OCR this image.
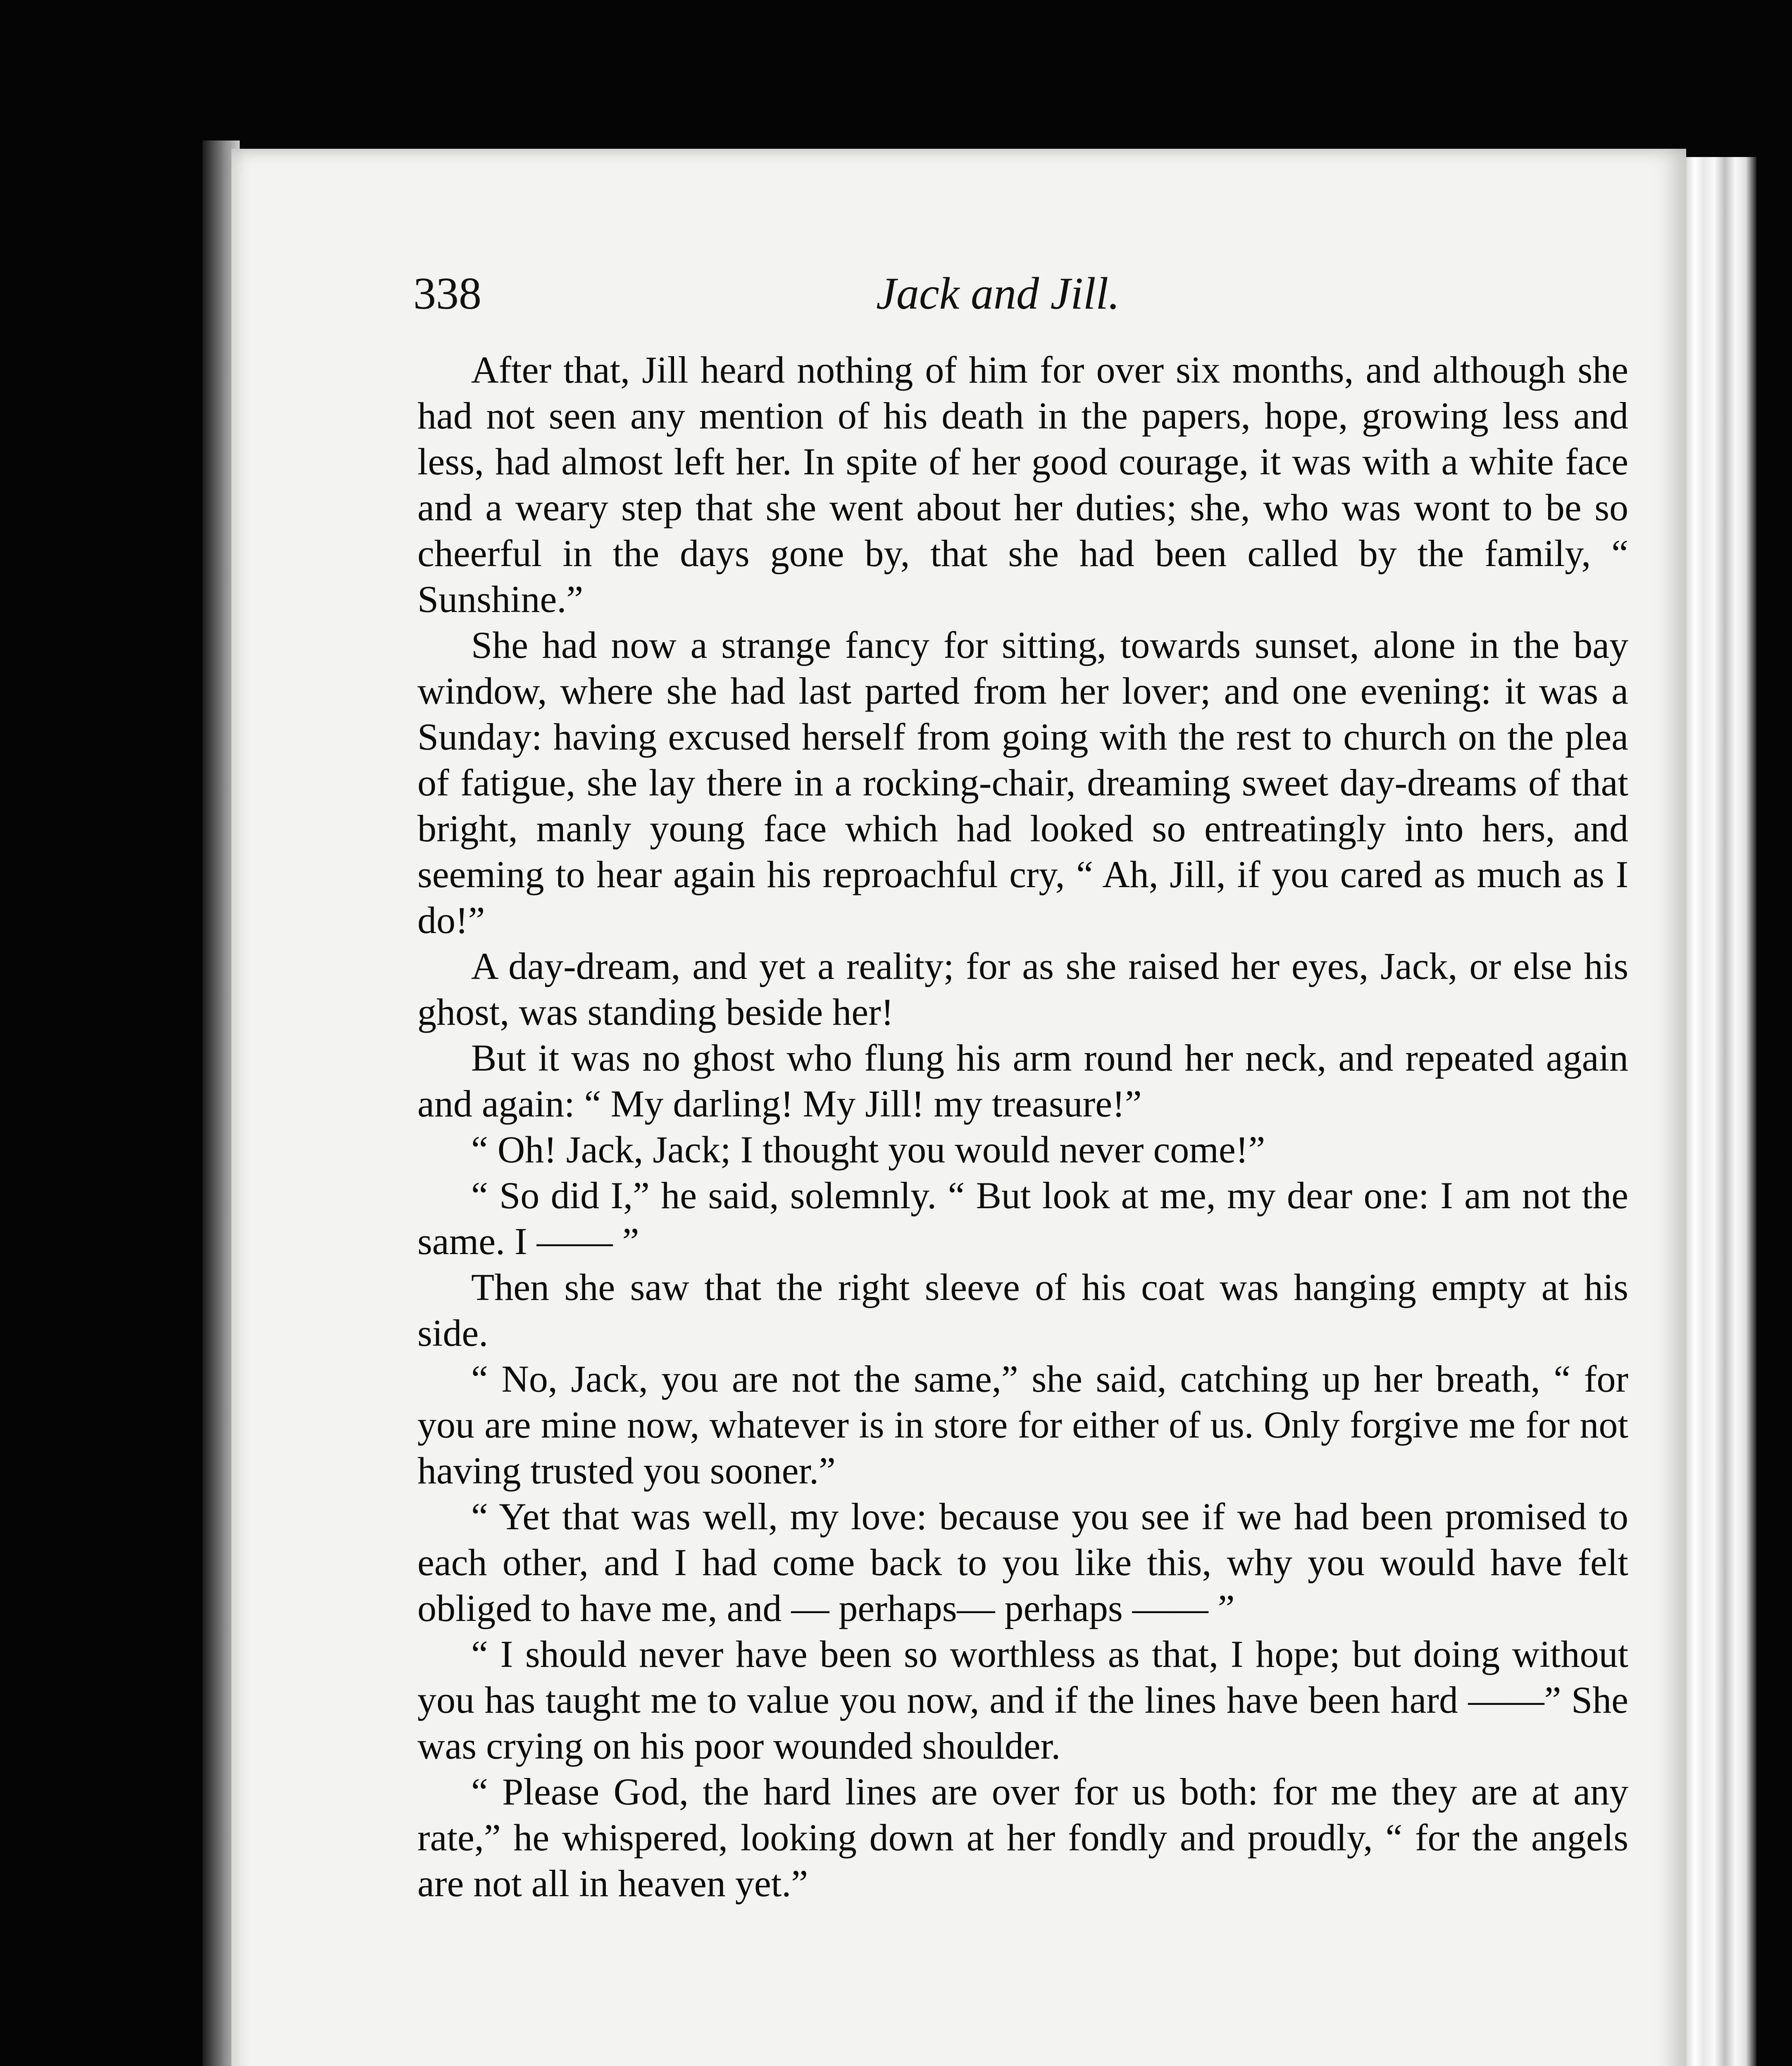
338	Jack and Jill.

After that, Jill heard nothing of him for over six months, and although she had not seen any mention of his death in the papers, hope, growing less and less, had almost left her. In spite of her good courage, it was with a white face and a weary step that she went about her duties; she, who was wont to be so cheerful in the days gone by, that she had been called by the family, “ Sunshine.”

She had now a strange fancy for sitting, towards sunset, alone in the bay window, where she had last parted from her lover; and one evening: it was a Sunday: having excused herself from going with the rest to church on the plea of fatigue, she lay there in a rocking-chair, dreaming sweet day-dreams of that bright, manly young face which had looked so entreatingly into hers, and seeming to hear again his reproachful cry, “ Ah, Jill, if you cared as much as I do!”

A day-dream, and yet a reality; for as she raised her eyes, Jack, or else his ghost, was standing beside her!

But it was no ghost who flung his arm round her neck, and repeated again and again: “ My darling! My Jill! my treasure!”

“ Oh! Jack, Jack; I thought you would never come!”

“ So did I,” he said, solemnly. “ But look at me, my dear one: I am not the same. I —— ”

Then she saw that the right sleeve of his coat was hanging empty at his side.

“ No, Jack, you are not the same,” she said, catching up her breath, “ for you are mine now, whatever is in store for either of us. Only forgive me for not having trusted you sooner.”

“ Yet that was well, my love: because you see if we had been promised to each other, and I had come back to you like this, why you would have felt obliged to have me, and — perhaps— perhaps —— ”

“ I should never have been so worthless as that, I hope; but doing without you has taught me to value you now, and if the lines have been hard ——” She was crying on his poor wounded shoulder.

“ Please God, the hard lines are over for us both: for me they are at any rate,” he whispered, looking down at her fondly and proudly, “ for the angels are not all in heaven yet.”
